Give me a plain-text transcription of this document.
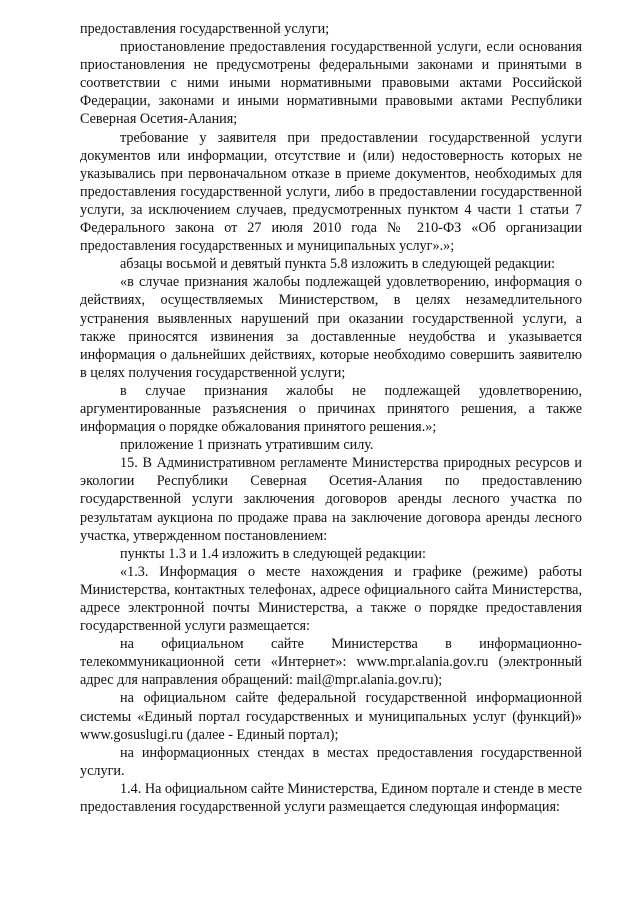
предоставления государственной услуги;

приостановление предоставления государственной услуги, если основания приостановления не предусмотрены федеральными законами и принятыми в соответствии с ними иными нормативными правовыми актами Российской Федерации, законами и иными нормативными правовыми актами Республики Северная Осетия-Алания;

требование у заявителя при предоставлении государственной услуги документов или информации, отсутствие и (или) недостоверность которых не указывались при первоначальном отказе в приеме документов, необходимых для предоставления государственной услуги, либо в предоставлении государственной услуги, за исключением случаев, предусмотренных пунктом 4 части 1 статьи 7 Федерального закона от 27 июля 2010 года № 210-ФЗ «Об организации предоставления государственных и муниципальных услуг».»;

абзацы восьмой и девятый пункта 5.8 изложить в следующей редакции:

«в случае признания жалобы подлежащей удовлетворению, информация о действиях, осуществляемых Министерством, в целях незамедлительного устранения выявленных нарушений при оказании государственной услуги, а также приносятся извинения за доставленные неудобства и указывается информация о дальнейших действиях, которые необходимо совершить заявителю в целях получения государственной услуги;

в случае признания жалобы не подлежащей удовлетворению, аргументированные разъяснения о причинах принятого решения, а также информация о порядке обжалования принятого решения.»;

приложение 1 признать утратившим силу.

15. В Административном регламенте Министерства природных ресурсов и экологии Республики Северная Осетия-Алания по предоставлению государственной услуги заключения договоров аренды лесного участка по результатам аукциона по продаже права на заключение договора аренды лесного участка, утвержденном постановлением:

пункты 1.3 и 1.4 изложить в следующей редакции:

«1.3. Информация о месте нахождения и графике (режиме) работы Министерства, контактных телефонах, адресе официального сайта Министерства, адресе электронной почты Министерства, а также о порядке предоставления государственной услуги размещается:

на официальном сайте Министерства в информационно-телекоммуникационной сети «Интернет»: www.mpr.alania.gov.ru (электронный адрес для направления обращений: mail@mpr.alania.gov.ru);

на официальном сайте федеральной государственной информационной системы «Единый портал государственных и муниципальных услуг (функций)» www.gosuslugi.ru (далее - Единый портал);

на информационных стендах в местах предоставления государственной услуги.

1.4. На официальном сайте Министерства, Едином портале и стенде в месте предоставления государственной услуги размещается следующая информация:
